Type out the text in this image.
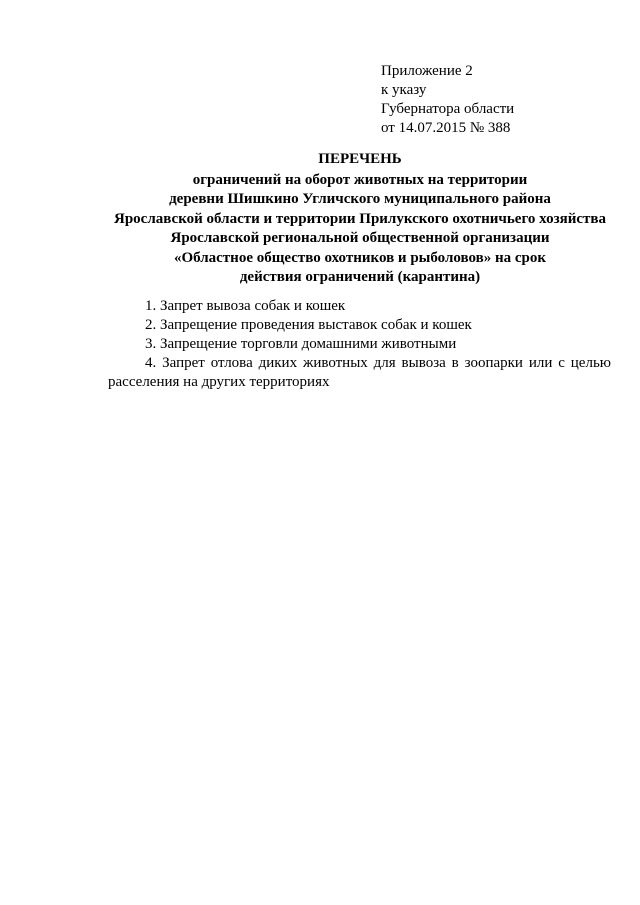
Приложение 2
к указу
Губернатора области
от 14.07.2015 № 388
ПЕРЕЧЕНЬ
ограничений на оборот животных на территории
деревни Шишкино Угличского муниципального района
Ярославской области и территории Прилукского охотничьего хозяйства
Ярославской региональной общественной организации
«Областное общество охотников и рыболовов» на срок
действия ограничений (карантина)
1. Запрет вывоза собак и кошек
2. Запрещение проведения выставок собак и кошек
3. Запрещение торговли домашними животными
4. Запрет отлова диких животных для вывоза в зоопарки или с целью расселения на других территориях
